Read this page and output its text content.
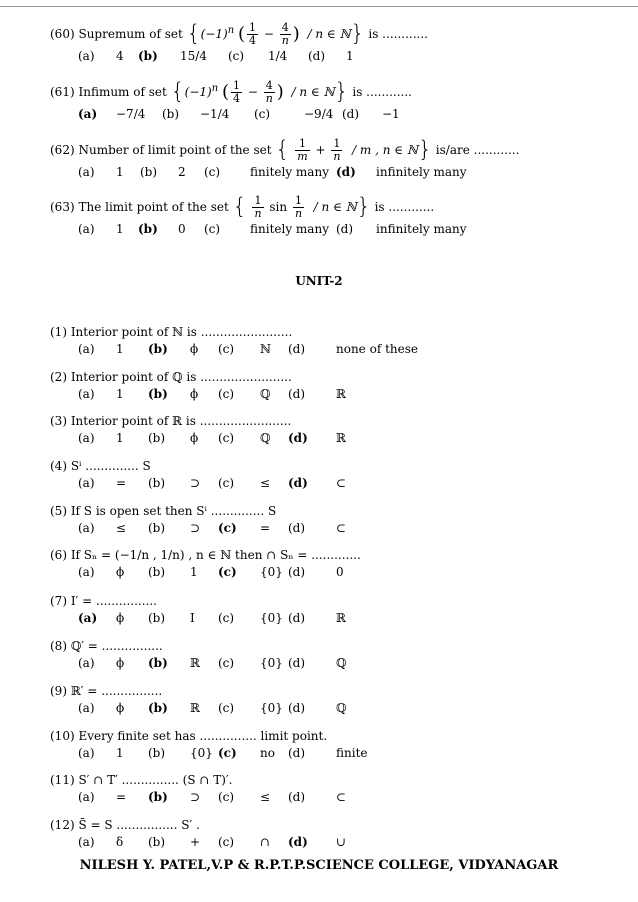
(60) Supremum of set {$(-1)^n$ ( $\frac{1}{4} - \frac{4}{n}$ ) / n ∈ ℕ} is ............
(a) 4 (b) 15/4 (c) 1/4 (d) 1
(61) Infimum of set {$(-1)^n$ ( $\frac{1}{4} - \frac{4}{n}$ ) / n ∈ ℕ} is ............
(a) −7/4 (b) −1/4 (c)	−9/4 (d) −1
(62) Number of limit point of the set { $\frac{1}{m} + \frac{1}{n} / m$ , n ∈ ℕ} is/are ............
(a) 1 (b) 2 (c) finitely many (d) infinitely many
(63) The limit point of the set { $\frac{1}{n}$ $\sin \frac{1}{n}$ / n ∈ ℕ} is ............
(a) 1 (b) 0 (c) finitely many (d) infinitely many
UNIT-2
(1) Interior point of ℕ is ........................
(a) 1 (b) ϕ (c) ℕ (d)	none of these
(2) Interior point of ℚ is ........................
(a) 1 (b) ϕ (c) ℚ (d)	ℝ
(3) Interior point of ℝ is ........................
(a) 1 (b) ϕ (c) ℚ (d) ℝ
(4) Sⁱ .............. S
(a) = (b) ⊃ (c) ≤ (d) ⊂
(5) If S is open set then Sⁱ .............. S
(a) ≤ (b) ⊃ (c) = (d)	⊂
(6) If Sₙ = (−1/n , 1/n) , n ∈ ℕ then ∩ Sₙ = .............
(a) ϕ (b) 1 (c) {0} (d)	0
(7) I′ = ................
(a) ϕ (b) I (c) {0} (d)	ℝ
(8) ℚ′ = ................
(a) ϕ (b) ℝ (c) {0} (d)	ℚ
(9) ℝ′ = ................
(a) ϕ (b) ℝ (c) {0} (d)	ℚ
(10) Every finite set has ............... limit point.
(a) 1 (b) {0} (c) no (d)	finite
(11) S′ ∩ T′ ............... (S ∩ T)′.
(a) = (b) ⊃ (c) ≤ (d)	⊂
(12) S̄ = S ................ S′ .
(a) δ (b) + (c) ∩ (d) ∪
NILESH Y. PATEL,V.P & R.P.T.P.SCIENCE COLLEGE, VIDYANAGAR
